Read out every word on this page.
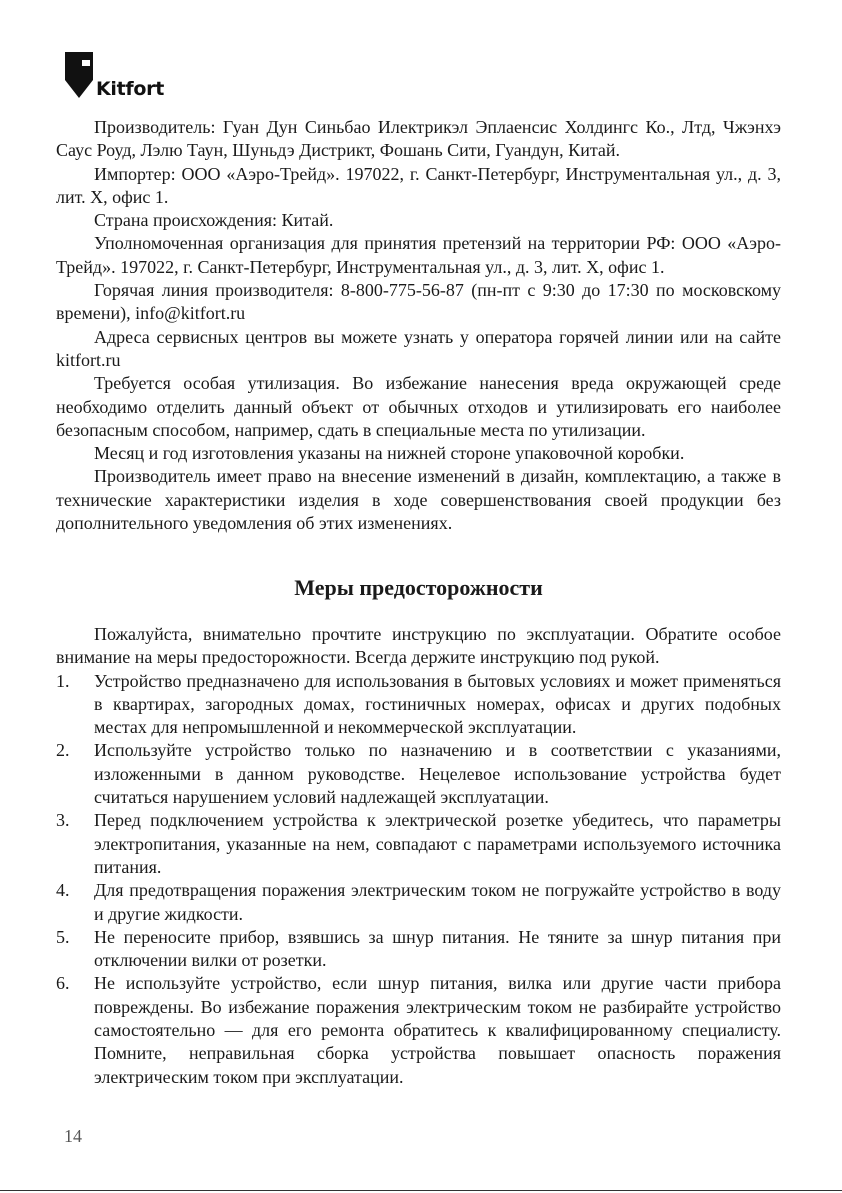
Kitfort

Производитель: Гуан Дун Синьбао Илектрикэл Эплаенсис Холдингс Ко., Лтд, Чжэнхэ Саус Роуд, Лэлю Таун, Шуньдэ Дистрикт, Фошань Сити, Гуандун, Китай.

Импортер: ООО «Аэро-Трейд». 197022, г. Санкт-Петербург, Инструментальная ул., д. 3, лит. Х, офис 1.

Страна происхождения: Китай.

Уполномоченная организация для принятия претензий на территории РФ: ООО «Аэро-Трейд». 197022, г. Санкт-Петербург, Инструментальная ул., д. 3, лит. Х, офис 1.

Горячая линия производителя: 8-800-775-56-87 (пн-пт с 9:30 до 17:30 по московскому времени), info@kitfort.ru

Адреса сервисных центров вы можете узнать у оператора горячей линии или на сайте kitfort.ru

Требуется особая утилизация. Во избежание нанесения вреда окружающей среде необходимо отделить данный объект от обычных отходов и утилизировать его наиболее безопасным способом, например, сдать в специальные места по утилизации.

Месяц и год изготовления указаны на нижней стороне упаковочной коробки.

Производитель имеет право на внесение изменений в дизайн, комплектацию, а также в технические характеристики изделия в ходе совершенствования своей продукции без дополнительного уведомления об этих изменениях.

Меры предосторожности

Пожалуйста, внимательно прочтите инструкцию по эксплуатации. Обратите особое внимание на меры предосторожности. Всегда держите инструкцию под рукой.

1. Устройство предназначено для использования в бытовых условиях и может применяться в квартирах, загородных домах, гостиничных номерах, офисах и других подобных местах для непромышленной и некоммерческой эксплуатации.
2. Используйте устройство только по назначению и в соответствии с указаниями, изложенными в данном руководстве. Нецелевое использование устройства будет считаться нарушением условий надлежащей эксплуатации.
3. Перед подключением устройства к электрической розетке убедитесь, что параметры электропитания, указанные на нем, совпадают с параметрами используемого источника питания.
4. Для предотвращения поражения электрическим током не погружайте устройство в воду и другие жидкости.
5. Не переносите прибор, взявшись за шнур питания. Не тяните за шнур питания при отключении вилки от розетки.
6. Не используйте устройство, если шнур питания, вилка или другие части прибора повреждены. Во избежание поражения электрическим током не разбирайте устройство самостоятельно — для его ремонта обратитесь к квалифицированному специалисту. Помните, неправильная сборка устройства повышает опасность поражения электрическим током при эксплуатации.
14
